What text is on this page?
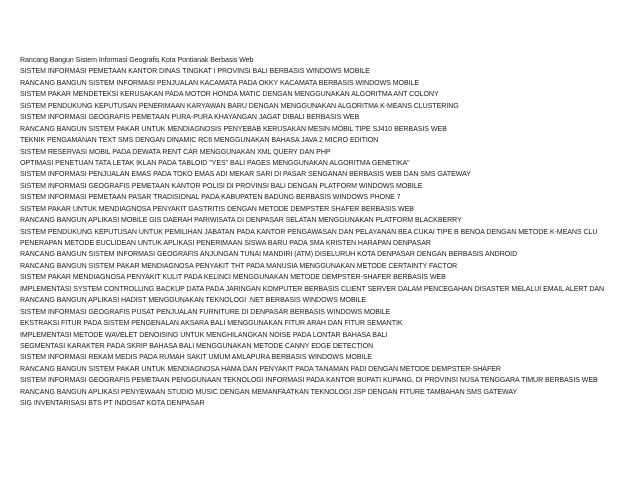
Rancang Bangun Sistem Informasi Geografis Kota Pontianak Berbasis Web
SISTEM INFORMASI PEMETAAN KANTOR DINAS TINGKAT I PROVINSI BALI BERBASIS WINDOWS MOBILE
RANCANG BANGUN SISTEM INFORMASI PENJUALAN KACAMATA PADA OKKY KACAMATA BERBASIS WINDOWS MOBILE
SISTEM PAKAR MENDETEKSI KERUSAKAN PADA MOTOR HONDA MATIC DENGAN MENGGUNAKAN ALGORITMA ANT COLONY
SISTEM PENDUKUNG KEPUTUSAN PENERIMAAN KARYAWAN BARU DENGAN MENGGUNAKAN ALGORITMA K-MEANS CLUSTERING
SISTEM INFORMASI GEOGRAFIS PEMETAAN PURA-PURA KHAYANGAN JAGAT DIBALI BERBASIS WEB
RANCANG BANGUN SISTEM PAKAR UNTUK MENDIAGNOSIS PENYEBAB KERUSAKAN MESIN MOBIL TIPE SJ410 BERBASIS WEB
TEKNIK PENGAMANAN TEXT SMS DENGAN DINAMIC RC6 MENGGUNAKAN BAHASA JAVA 2 MICRO EDITION
SISTEM RESERVASI MOBIL PADA DEWATA RENT CAR MENGGUNAKAN XML QUERY DAN PHP
OPTIMASI PENETUAN TATA LETAK IKLAN PADA TABLOID "YES" BALI PAGES MENGGUNAKAN ALGORITMA GENETIKA"
SISTEM INFORMASI PENJUALAN EMAS PADA TOKO EMAS ADI MEKAR SARI DI PASAR SENGANAN BERBASIS WEB DAN SMS GATEWAY
SISTEM INFORMASI GEOGRAFIS PEMETAAN KANTOR POLISI DI PROVINSI BALI DENGAN PLATFORM WINDOWS MOBILE
SISTEM INFORMASI PEMETAAN PASAR TRADISIONAL PADA KABUPATEN BADUNG BERBASIS WINDOWS PHONE 7
SISTEM PAKAR UNTUK MENDIAGNOSA PENYAKIT GASTRITIS DENGAN METODE DEMPSTER SHAFER BERBASIS WEB
RANCANG BANGUN APLIKASI MOBILE GIS DAERAH PARIWISATA DI DENPASAR SELATAN MENGGUNAKAN PLATFORM BLACKBERRY
SISTEM PENDUKUNG KEPUTUSAN UNTUK PEMILIHAN JABATAN PADA KANTOR PENGAWASAN DAN PELAYANAN BEA CUKAI TIPE B BENOA DENGAN METODE K-MEANS CLU
PENERAPAN METODE EUCLIDEAN UNTUK APLIKASI PENERIMAAN SISWA BARU PADA SMA KRISTEN HARAPAN DENPASAR
RANCANG BANGUN SISTEM INFORMASI GEOGRAFIS ANJUNGAN TUNAI MANDIRI (ATM) DISELURUH KOTA DENPASAR DENGAN BERBASIS ANDROID
RANCANG BANGUN SISTEM PAKAR MENDIAGNOSA PENYAKIT THT PADA MANUSIA MENGGUNAKAN METODE CERTAINTY FACTOR
SISTEM PAKAR MENDIAGNOSA PENYAKIT KULIT PADA KELINCI MENGGUNAKAN METODE DEMPSTER-SHAFER BERBASIS WEB
IMPLEMENTASI SYSTEM CONTROLLING BACKUP DATA PADA JARINGAN KOMPUTER BERBASIS CLIENT SERVER DALAM PENCEGAHAN DISASTER MELALUI EMAIL ALERT DAN
RANCANG BANGUN APLIKASI HADIST MENGGUNAKAN TEKNOLOGI .NET BERBASIS WINDOWS MOBILE
SISTEM INFORMASI GEOGRAFIS PUSAT PENJUALAN FURNITURE DI DENPASAR BERBASIS WINDOWS MOBILE
EKSTRAKSI FITUR PADA SISTEM PENGENALAN AKSARA BALI MENGGUNAKAN FITUR ARAH DAN FITUR SEMANTIK
IMPLEMENTASI METODE WAVELET DENOISING UNTUK MENGHILANGKAN NOISE PADA LONTAR BAHASA BALI
SEGMENTASI KARAKTER PADA SKRIP BAHASA BALI MENGGUNAKAN METODE CANNY EDGE DETECTION
SISTEM INFORMASI REKAM MEDIS PADA RUMAH SAKIT UMUM AMLAPURA BERBASIS WINDOWS MOBILE
RANCANG BANGUN SISTEM PAKAR UNTUK MENDIAGNOSA HAMA DAN PENYAKIT PADA TANAMAN PADI DENGAN METODE DEMPSTER-SHAFER
SISTEM INFORMASI GEOGRAFIS PEMETAAN PENGGUNAAN TEKNOLOGI INFORMASI PADA KANTOR BUPATI KUPANG, DI PROVINSI NUSA TENGGARA TIMUR BERBASIS WEB
RANCANG BANGUN APLIKASI PENYEWAAN STUDIO MUSIC DENGAN MEMANFAATKAN TEKNOLOGI JSP DENGAN FITURE TAMBAHAN SMS GATEWAY
SIG INVENTARISASI BTS PT INDOSAT KOTA DENPASAR
